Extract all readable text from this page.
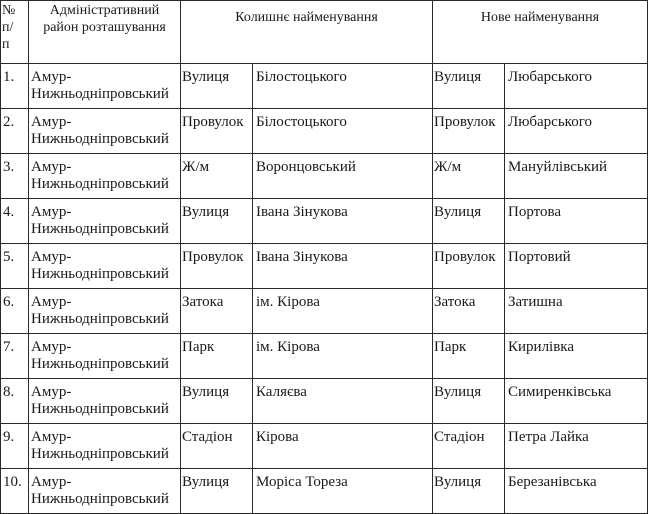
№
п/
п	Адміністративний
район розташування	Колишнє найменування		Нове найменування	
1.	Амур-
Нижньодніпровський	Вулиця	Білостоцького	Вулиця	Любарського
2.	Амур-
Нижньодніпровський	Провулок	Білостоцького	Провулок	Любарського
3.	Амур-
Нижньодніпровський	Ж/м	Воронцовський	Ж/м	Мануйлівський
4.	Амур-
Нижньодніпровський	Вулиця	Івана Зінукова	Вулиця	Портова
5.	Амур-
Нижньодніпровський	Провулок	Івана Зінукова	Провулок	Портовий
6.	Амур-
Нижньодніпровський	Затока	ім. Кірова	Затока	Затишна
7.	Амур-
Нижньодніпровський	Парк	ім. Кірова	Парк	Кирилівка
8.	Амур-
Нижньодніпровський	Вулиця	Каляєва	Вулиця	Симиренківська
9.	Амур-
Нижньодніпровський	Стадіон	Кірова	Стадіон	Петра Лайка
10.	Амур-
Нижньодніпровський	Вулиця	Моріса Тореза	Вулиця	Березанівська
